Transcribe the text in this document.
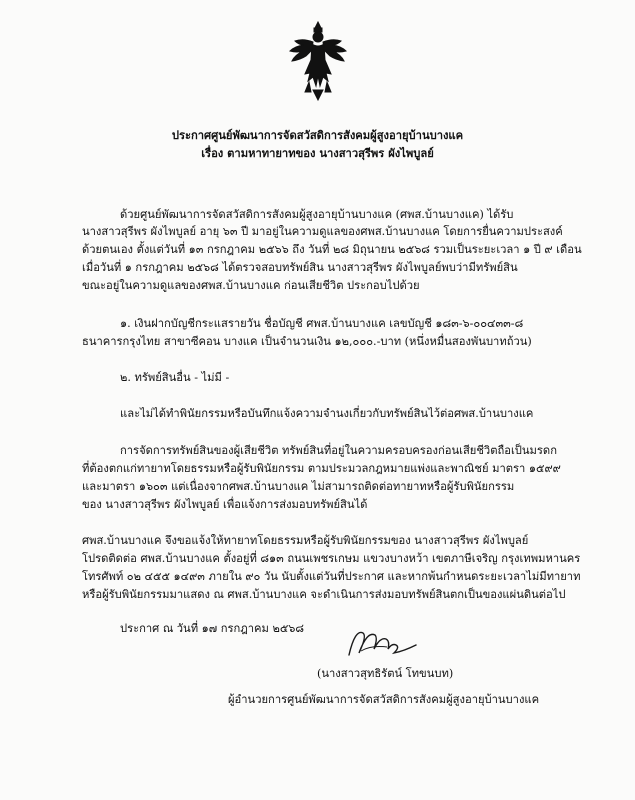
ประกาศศูนย์พัฒนาการจัดสวัสดิการสังคมผู้สูงอายุบ้านบางแค

เรื่อง ตามหาทายาทของ นางสาวสุรีพร ผังไพบูลย์

ด้วยศูนย์พัฒนาการจัดสวัสดิการสังคมผู้สูงอายุบ้านบางแค (ศพส.บ้านบางแค) ได้รับ

นางสาวสุรีพร ผังไพบูลย์ อายุ ๖๓ ปี มาอยู่ในความดูแลของศพส.บ้านบางแค โดยการยื่นความประสงค์

ด้วยตนเอง ตั้งแต่วันที่ ๑๓ กรกฎาคม ๒๕๖๖ ถึง วันที่ ๒๘ มิถุนายน ๒๕๖๘ รวมเป็นระยะเวลา ๑ ปี ๙ เดือน

เมื่อวันที่ ๑ กรกฎาคม ๒๕๖๘ ได้ตรวจสอบทรัพย์สิน นางสาวสุรีพร ผังไพบูลย์พบว่ามีทรัพย์สิน

ขณะอยู่ในความดูแลของศพส.บ้านบางแค ก่อนเสียชีวิต ประกอบไปด้วย

๑. เงินฝากบัญชีกระแสรายวัน ชื่อบัญชี ศพส.บ้านบางแค เลขบัญชี ๑๘๓-๖-๐๐๔๓๓-๘

ธนาคารกรุงไทย สาขาซีคอน บางแค เป็นจำนวนเงิน ๑๒,๐๐๐.-บาท (หนึ่งหมื่นสองพันบาทถ้วน)

๒. ทรัพย์สินอื่น - ไม่มี -

และไม่ได้ทำพินัยกรรมหรือบันทึกแจ้งความจำนงเกี่ยวกับทรัพย์สินไว้ต่อศพส.บ้านบางแค

การจัดการทรัพย์สินของผู้เสียชีวิต ทรัพย์สินที่อยู่ในความครอบครองก่อนเสียชีวิตถือเป็นมรดก

ที่ต้องตกแก่ทายาทโดยธรรมหรือผู้รับพินัยกรรม ตามประมวลกฎหมายแพ่งและพาณิชย์ มาตรา ๑๕๙๙

และมาตรา ๑๖๐๓ แต่เนื่องจากศพส.บ้านบางแค ไม่สามารถติดต่อทายาทหรือผู้รับพินัยกรรม

ของ นางสาวสุรีพร ผังไพบูลย์ เพื่อแจ้งการส่งมอบทรัพย์สินได้

ศพส.บ้านบางแค จึงขอแจ้งให้ทายาทโดยธรรมหรือผู้รับพินัยกรรมของ นางสาวสุรีพร ผังไพบูลย์

โปรดติดต่อ ศพส.บ้านบางแค ตั้งอยู่ที่ ๘๑๓ ถนนเพชรเกษม แขวงบางหว้า เขตภาษีเจริญ กรุงเทพมหานคร

โทรศัพท์ ๐๒ ๔๕๕ ๑๔๙๓ ภายใน ๙๐ วัน นับตั้งแต่วันที่ประกาศ และหากพ้นกำหนดระยะเวลาไม่มีทายาท

หรือผู้รับพินัยกรรมมาแสดง ณ ศพส.บ้านบางแค จะดำเนินการส่งมอบทรัพย์สินตกเป็นของแผ่นดินต่อไป

ประกาศ ณ วันที่ ๑๗ กรกฎาคม ๒๕๖๘

(นางสาวสุทธิรัตน์ โทขนบท)

ผู้อำนวยการศูนย์พัฒนาการจัดสวัสดิการสังคมผู้สูงอายุบ้านบางแค
